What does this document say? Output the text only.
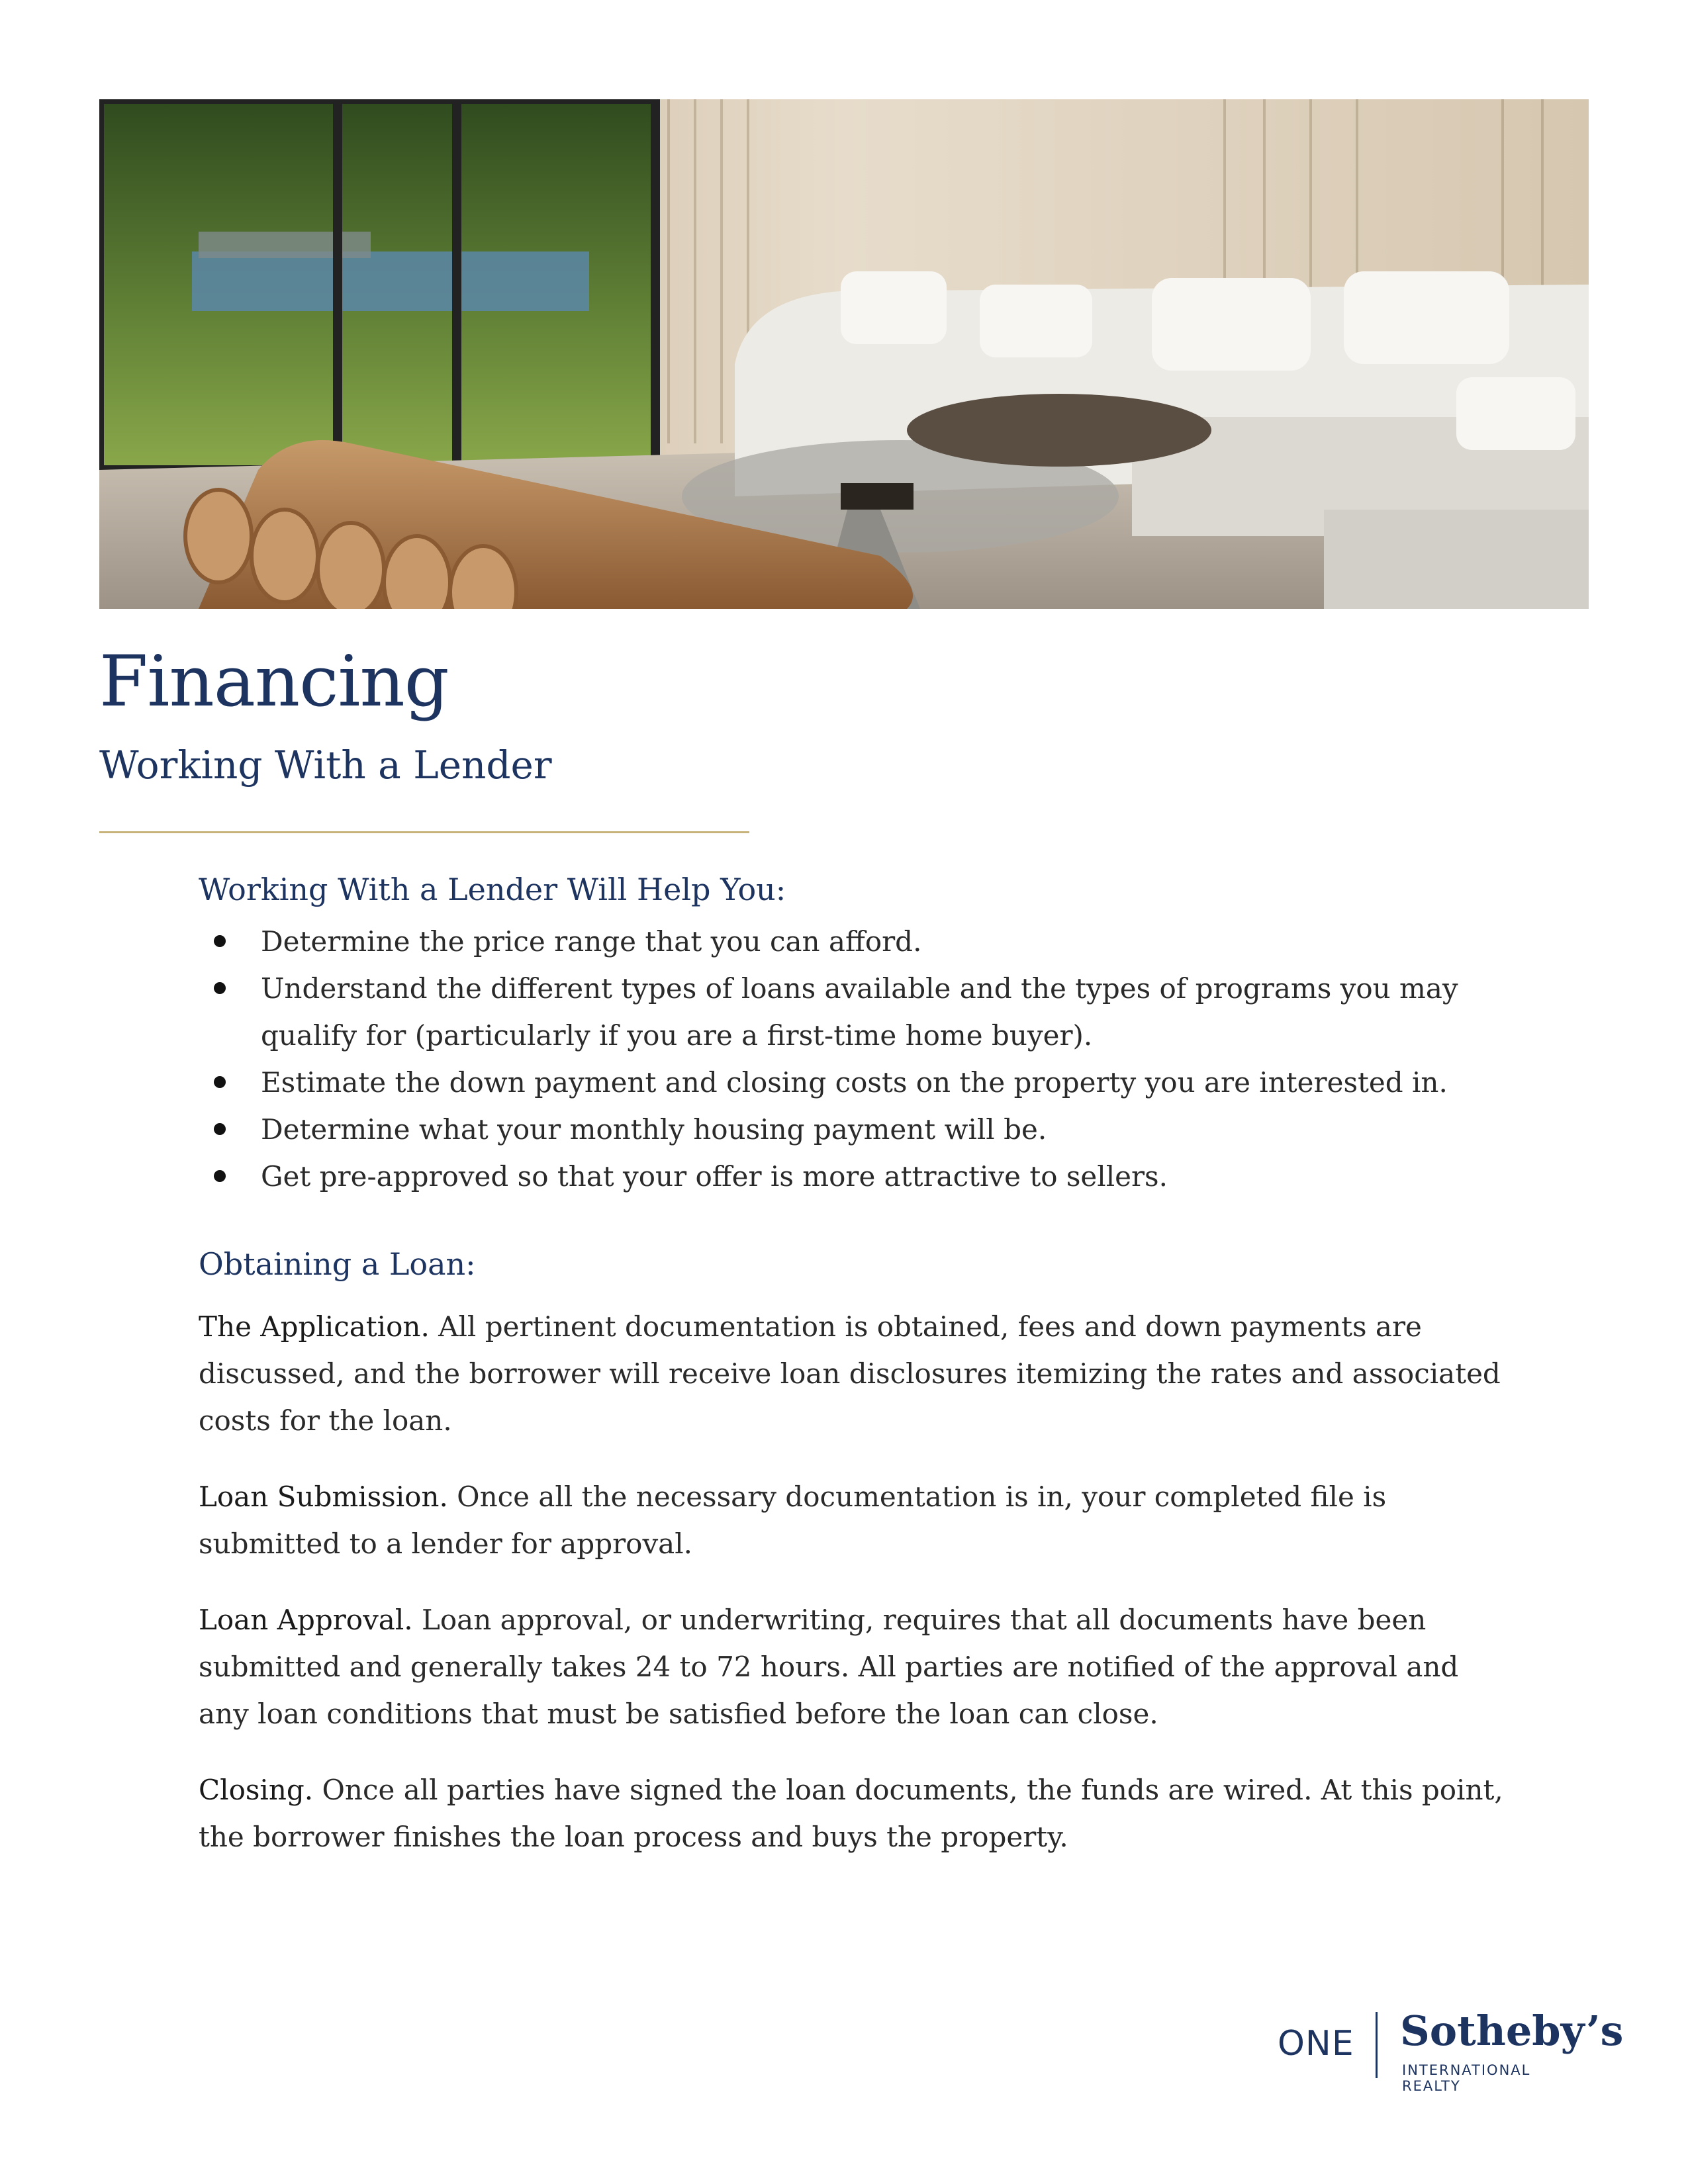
Financing
Working With a Lender
Working With a Lender Will Help You:
Determine the price range that you can afford.
Understand the different types of loans available and the types of programs you may qualify for (particularly if you are a first-time home buyer).
Estimate the down payment and closing costs on the property you are interested in.
Determine what your monthly housing payment will be.
Get pre-approved so that your offer is more attractive to sellers.
Obtaining a Loan:

The Application. All pertinent documentation is obtained, fees and down payments are discussed, and the borrower will receive loan disclosures itemizing the rates and associated costs for the loan.

Loan Submission. Once all the necessary documentation is in, your completed file is submitted to a lender for approval.

Loan Approval. Loan approval, or underwriting, requires that all documents have been submitted and generally takes 24 to 72 hours. All parties are notified of the approval and any loan conditions that must be satisfied before the loan can close.

Closing. Once all parties have signed the loan documents, the funds are wired. At this point, the borrower finishes the loan process and buys the property.

ONE Sotheby’s
INTERNATIONAL REALTY
